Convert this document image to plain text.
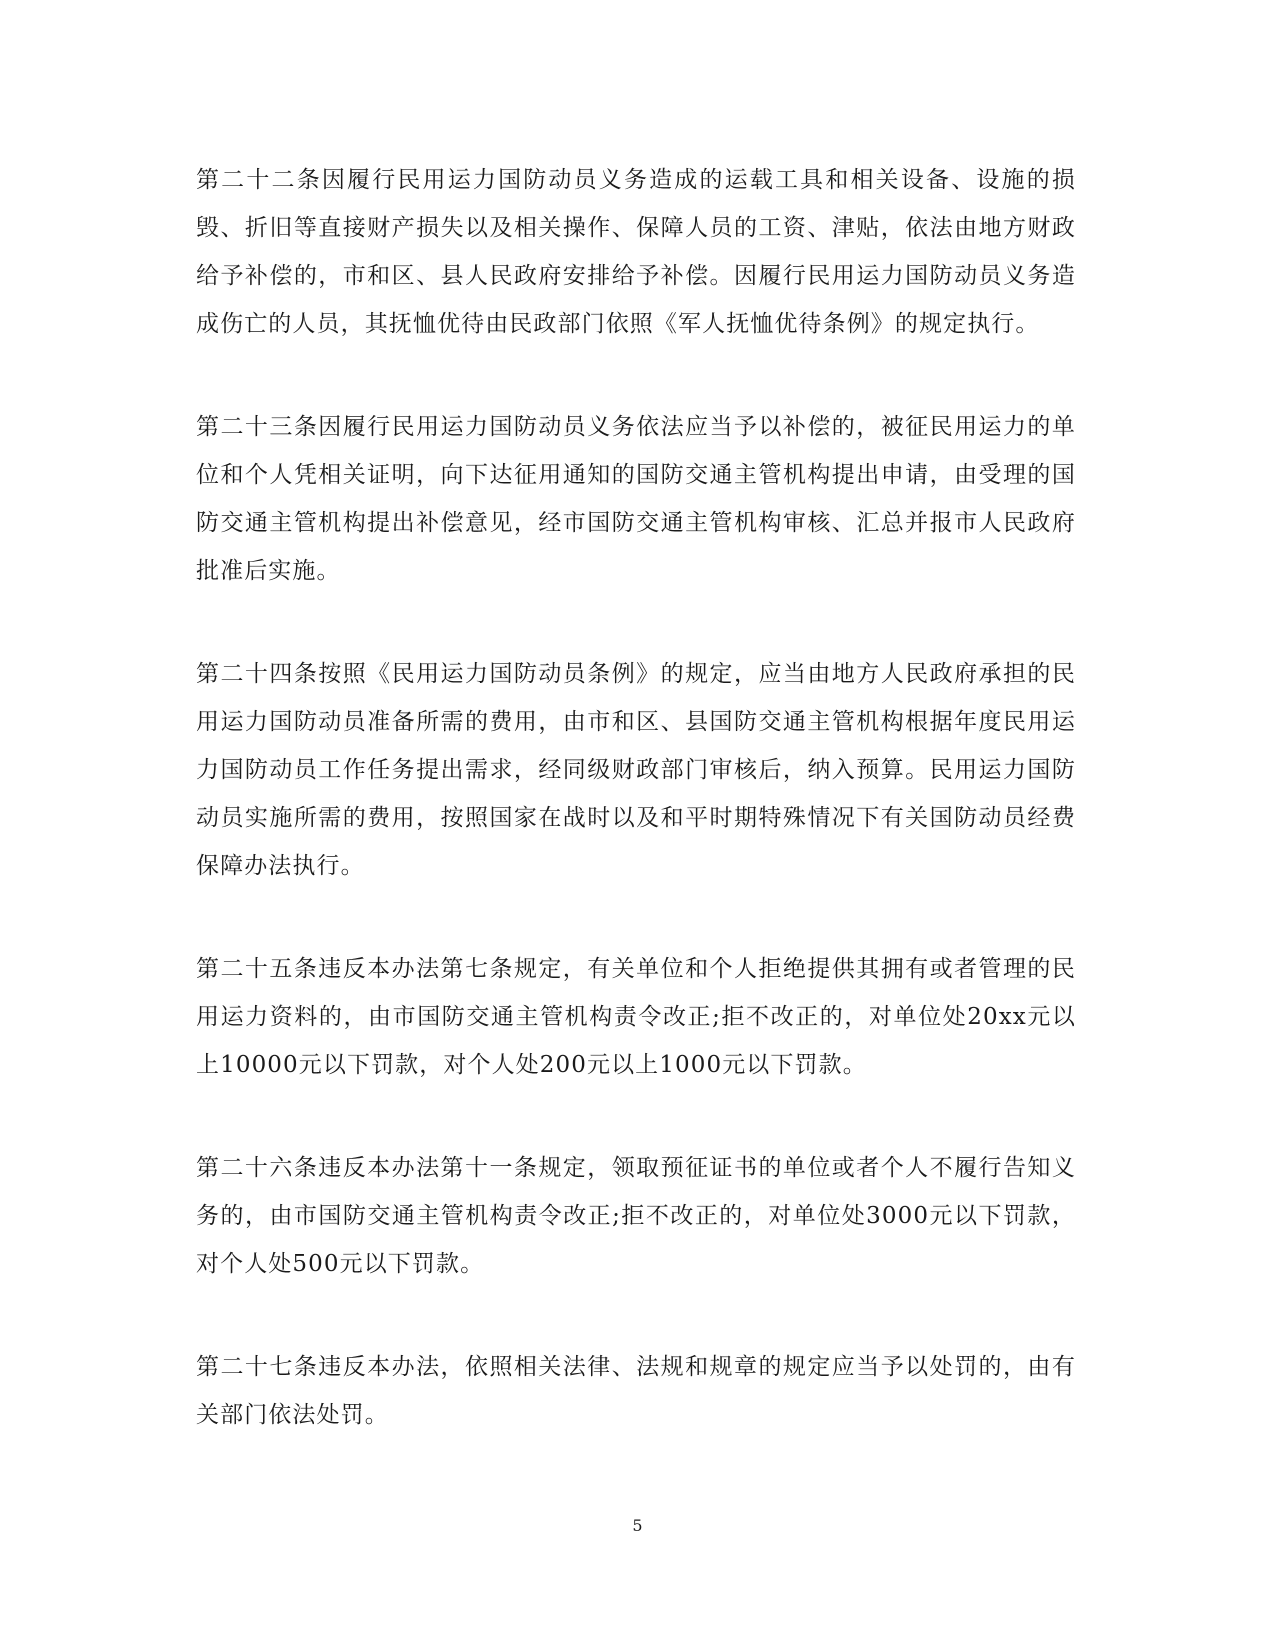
第二十二条因履行民用运力国防动员义务造成的运载工具和相关设备、设施的损毁、折旧等直接财产损失以及相关操作、保障人员的工资、津贴，依法由地方财政给予补偿的，市和区、县人民政府安排给予补偿。因履行民用运力国防动员义务造成伤亡的人员，其抚恤优待由民政部门依照《军人抚恤优待条例》的规定执行。

第二十三条因履行民用运力国防动员义务依法应当予以补偿的，被征民用运力的单位和个人凭相关证明，向下达征用通知的国防交通主管机构提出申请，由受理的国防交通主管机构提出补偿意见，经市国防交通主管机构审核、汇总并报市人民政府批准后实施。

第二十四条按照《民用运力国防动员条例》的规定，应当由地方人民政府承担的民用运力国防动员准备所需的费用，由市和区、县国防交通主管机构根据年度民用运力国防动员工作任务提出需求，经同级财政部门审核后，纳入预算。民用运力国防动员实施所需的费用，按照国家在战时以及和平时期特殊情况下有关国防动员经费保障办法执行。

第二十五条违反本办法第七条规定，有关单位和个人拒绝提供其拥有或者管理的民用运力资料的，由市国防交通主管机构责令改正;拒不改正的，对单位处20xx元以上10000元以下罚款，对个人处200元以上1000元以下罚款。

第二十六条违反本办法第十一条规定，领取预征证书的单位或者个人不履行告知义务的，由市国防交通主管机构责令改正;拒不改正的，对单位处3000元以下罚款，对个人处500元以下罚款。

第二十七条违反本办法，依照相关法律、法规和规章的规定应当予以处罚的，由有关部门依法处罚。

5
